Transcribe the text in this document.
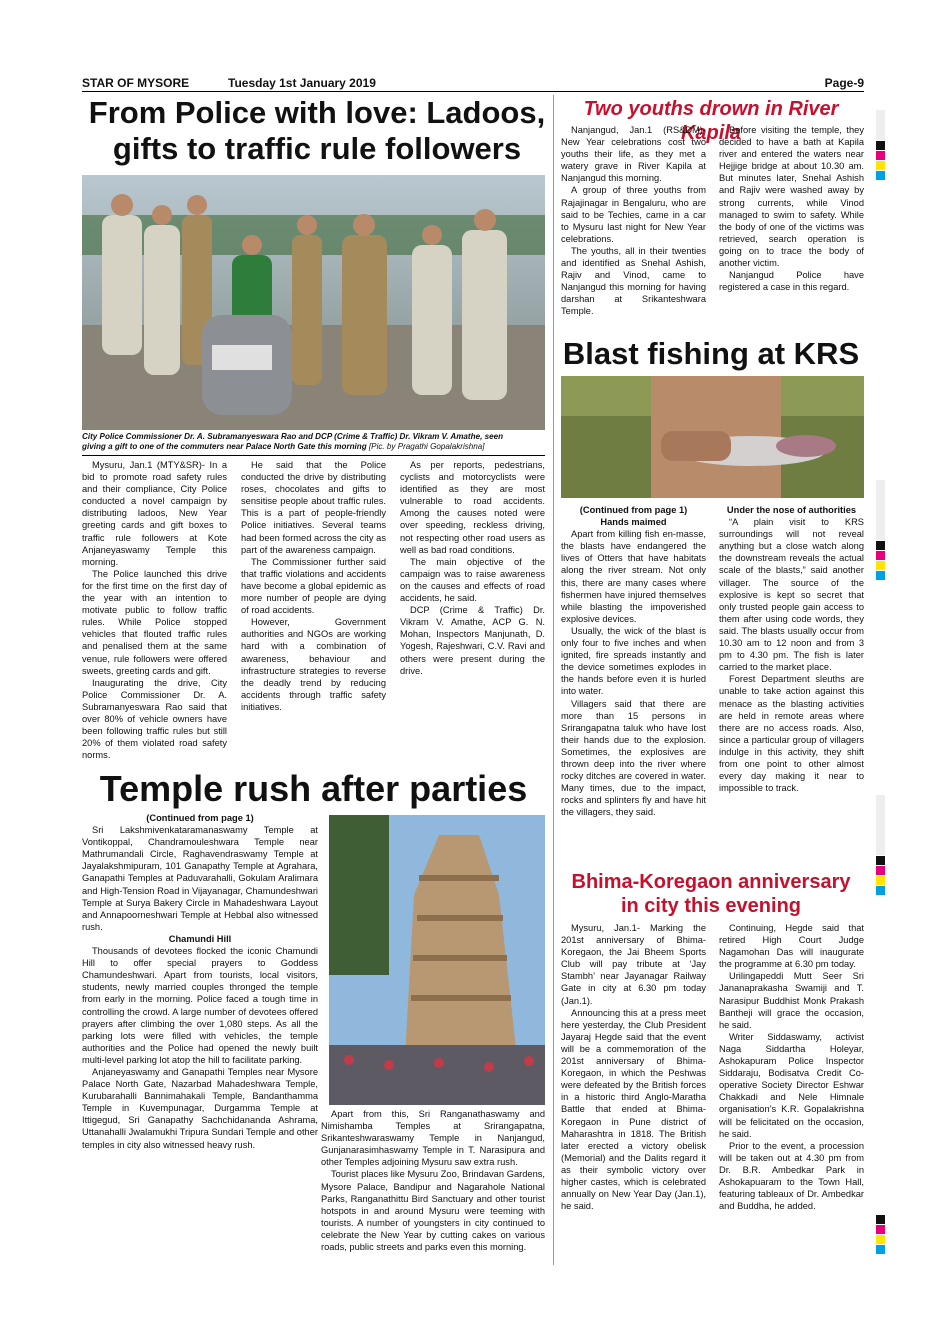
STAR OF MYSORE	Tuesday 1st January 2019	Page-9
From Police with love: Ladoos,
gifts to traffic rule followers
City Police Commissioner Dr. A. Subramanyeswara Rao and DCP (Crime & Traffic) Dr. Vikram V. Amathe, seen
giving a gift to one of the commuters near Palace North Gate this morning [Pic. by Pragathi Gopalakrishna]

Mysuru, Jan.1 (MTY&SR)- In a bid to promote road safety rules and their compliance, City Police conducted a novel campaign by distributing ladoos, New Year greeting cards and gift boxes to traffic rule followers at Kote Anjaneyaswamy Temple this morning.

The Police launched this drive for the first time on the first day of the year with an intention to motivate public to follow traffic rules. While Police stopped vehicles that flouted traffic rules and penalised them at the same venue, rule followers were offered sweets, greeting cards and gift.

Inaugurating the drive, City Police Commissioner Dr. A. Subramanyeswara Rao said that over 80% of vehicle owners have been following traffic rules but still 20% of them violated road safety norms.

He said that the Police conducted the drive by distributing roses, chocolates and gifts to sensitise people about traffic rules. This is a part of people-friendly Police initiatives. Several teams had been formed across the city as part of the awareness campaign.

The Commissioner further said that traffic violations and accidents have become a global epidemic as more number of people are dying of road accidents.

However, Government authorities and NGOs are working hard with a combination of awareness, behaviour and infrastructure strategies to reverse the deadly trend by reducing accidents through traffic safety initiatives.

As per reports, pedestrians, cyclists and motorcyclists were identified as they are most vulnerable to road accidents. Among the causes noted were over speeding, reckless driving, not respecting other road users as well as bad road conditions.

The main objective of the campaign was to raise awareness on the causes and effects of road accidents, he said.

DCP (Crime & Traffic) Dr. Vikram V. Amathe, ACP G. N. Mohan, Inspectors Manjunath, D. Yogesh, Rajeshwari, C.V. Ravi and others were present during the drive.

Two youths drown in River Kapila

Nanjangud, Jan.1 (RS&DM)- New Year celebrations cost two youths their life, as they met a watery grave in River Kapila at Nanjangud this morning.

A group of three youths from Rajajinagar in Bengaluru, who are said to be Techies, came in a car to Mysuru last night for New Year celebrations.

The youths, all in their twenties and identified as Snehal Ashish, Rajiv and Vinod, came to Nanjangud this morning for having darshan at Srikanteshwara Temple.

Before visiting the temple, they decided to have a bath at Kapila river and entered the waters near Hejjige bridge at about 10.30 am. But minutes later, Snehal Ashish and Rajiv were washed away by strong currents, while Vinod managed to swim to safety. While the body of one of the victims was retrieved, search operation is going on to trace the body of another victim.

Nanjangud Police have registered a case in this regard.

Blast fishing at KRS

(Continued from page 1)

Hands maimed

Apart from killing fish en-masse, the blasts have endangered the lives of Otters that have habitats along the river stream. Not only this, there are many cases where fishermen have injured themselves while blasting the impoverished explosive devices.

Usually, the wick of the blast is only four to five inches and when ignited, fire spreads instantly and the device sometimes explodes in the hands before even it is hurled into water.

Villagers said that there are more than 15 persons in Srirangapatna taluk who have lost their hands due to the explosion. Sometimes, the explosives are thrown deep into the river where rocky ditches are covered in water. Many times, due to the impact, rocks and splinters fly and have hit the villagers, they said.

Under the nose of authorities

“A plain visit to KRS surroundings will not reveal anything but a close watch along the downstream reveals the actual scale of the blasts,” said another villager. The source of the explosive is kept so secret that only trusted people gain access to them after using code words, they said. The blasts usually occur from 10.30 am to 12 noon and from 3 pm to 4.30 pm. The fish is later carried to the market place.

Forest Department sleuths are unable to take action against this menace as the blasting activities are held in remote areas where there are no access roads. Also, since a particular group of villagers indulge in this activity, they shift from one point to other almost every day making it near to impossible to track.

Temple rush after parties

(Continued from page 1)

Sri Lakshmivenkataramanaswamy Temple at Vontikoppal, Chandramouleshwara Temple near Mathrumandali Circle, Raghavendraswamy Temple at Jayalakshmipuram, 101 Ganapathy Temple at Agrahara, Ganapathi Temples at Paduvarahalli, Gokulam Aralimara and High-Tension Road in Vijayanagar, Chamundeshwari Temple at Surya Bakery Circle in Mahadeshwara Layout and Annapoorneshwari Temple at Hebbal also witnessed rush.

Chamundi Hill

Thousands of devotees flocked the iconic Chamundi Hill to offer special prayers to Goddess Chamundeshwari. Apart from tourists, local visitors, students, newly married couples thronged the temple from early in the morning. Police faced a tough time in controlling the crowd. A large number of devotees offered prayers after climbing the over 1,080 steps. As all the parking lots were filled with vehicles, the temple authorities and the Police had opened the newly built multi-level parking lot atop the hill to facilitate parking.

Anjaneyaswamy and Ganapathi Temples near Mysore Palace North Gate, Nazarbad Mahadeshwara Temple, Kurubarahalli Bannimahakali Temple, Bandanthamma Temple in Kuvempunagar, Durgamma Temple at Ittigegud, Sri Ganapathy Sachchidananda Ashrama, Uttanahalli Jwalamukhi Tripura Sundari Temple and other temples in city also witnessed heavy rush.

Apart from this, Sri Ranganathaswamy and Nimishamba Temples at Srirangapatna, Srikanteshwaraswamy Temple in Nanjangud, Gunjanarasimhaswamy Temple in T. Narasipura and other Temples adjoining Mysuru saw extra rush.

Tourist places like Mysuru Zoo, Brindavan Gardens, Mysore Palace, Bandipur and Nagarahole National Parks, Ranganathittu Bird Sanctuary and other tourist hotspots in and around Mysuru were teeming with tourists. A number of youngsters in city continued to celebrate the New Year by cutting cakes on various roads, public streets and parks even this morning.

Bhima-Koregaon anniversary
in city this evening

Mysuru, Jan.1- Marking the 201st anniversary of Bhima-Koregaon, the Jai Bheem Sports Club will pay tribute at ‘Jay Stambh’ near Jayanagar Railway Gate in city at 6.30 pm today (Jan.1).

Announcing this at a press meet here yesterday, the Club President Jayaraj Hegde said that the event will be a commemoration of the 201st anniversary of Bhima-Koregaon, in which the Peshwas were defeated by the British forces in a historic third Anglo-Maratha Battle that ended at Bhima-Koregaon in Pune district of Maharashtra in 1818. The British later erected a victory obelisk (Memorial) and the Dalits regard it as their symbolic victory over higher castes, which is celebrated annually on New Year Day (Jan.1), he said.

Continuing, Hegde said that retired High Court Judge Nagamohan Das will inaugurate the programme at 6.30 pm today.

Urilingapeddi Mutt Seer Sri Jananaprakasha Swamiji and T. Narasipur Buddhist Monk Prakash Bantheji will grace the occasion, he said.

Writer Siddaswamy, activist Naga Siddartha Holeyar, Ashokapuram Police Inspector Siddaraju, Bodisatva Credit Co-operative Society Director Eshwar Chakkadi and Nele Himnale organisation’s K.R. Gopalakrishna will be felicitated on the occasion, he said.

Prior to the event, a procession will be taken out at 4.30 pm from Dr. B.R. Ambedkar Park in Ashokapuaram to the Town Hall, featuring tableaux of Dr. Ambedkar and Buddha, he added.
